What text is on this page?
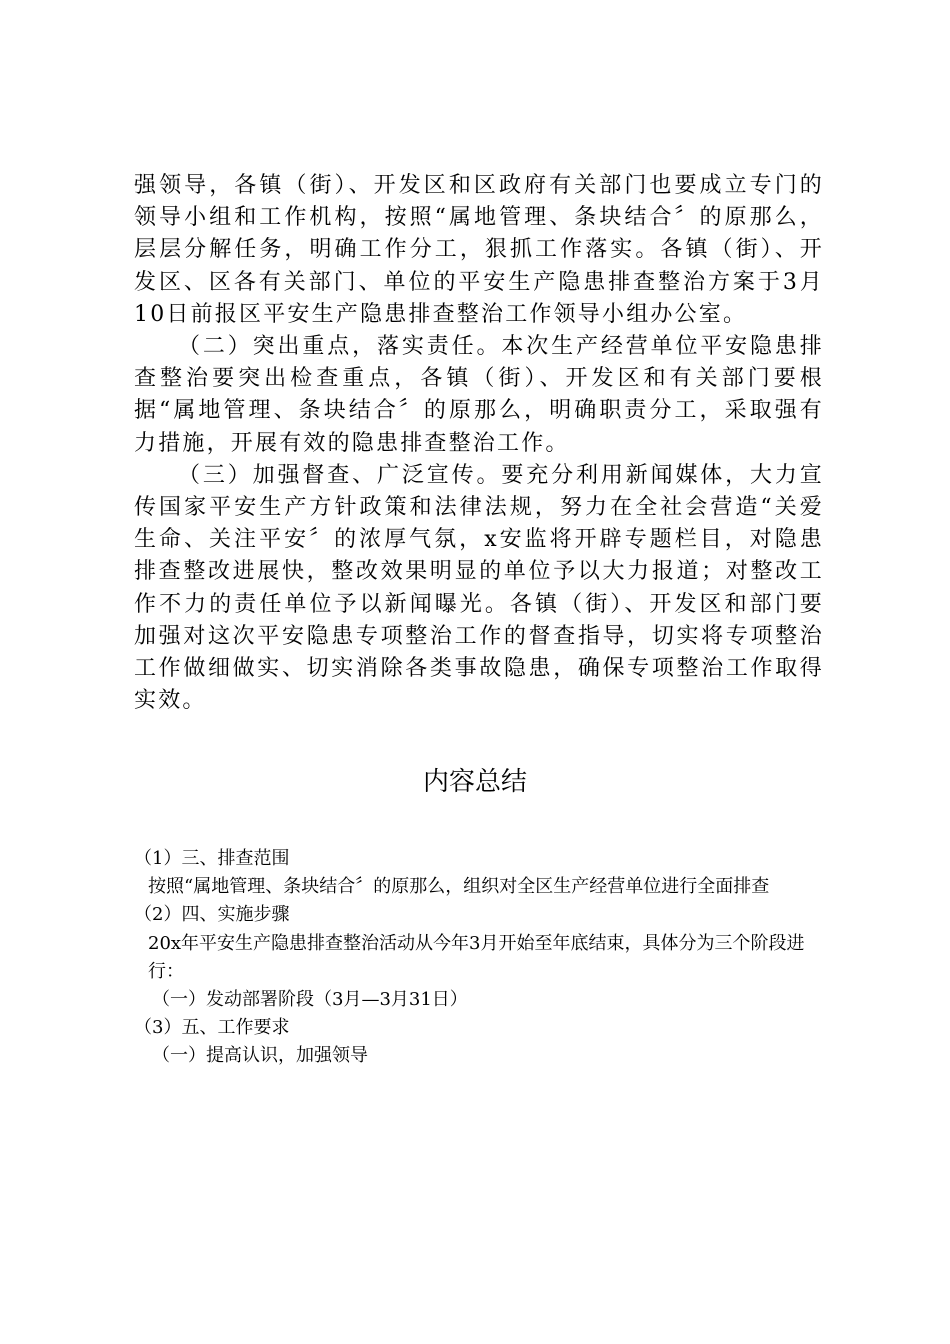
强领导，各镇（街）、开发区和区政府有关部门也要成立专门的领导小组和工作机构，按照“属地管理、条块结合〞的原那么，层层分解任务，明确工作分工，狠抓工作落实。各镇（街）、开发区、区各有关部门、单位的平安生产隐患排查整治方案于3月10日前报区平安生产隐患排查整治工作领导小组办公室。

（二）突出重点，落实责任。本次生产经营单位平安隐患排查整治要突出检查重点，各镇（街）、开发区和有关部门要根据“属地管理、条块结合〞的原那么，明确职责分工，采取强有力措施，开展有效的隐患排查整治工作。

（三）加强督查、广泛宣传。要充分利用新闻媒体，大力宣传国家平安生产方针政策和法律法规，努力在全社会营造“关爱生命、关注平安〞的浓厚气氛，x安监将开辟专题栏目，对隐患排查整改进展快，整改效果明显的单位予以大力报道；对整改工作不力的责任单位予以新闻曝光。各镇（街）、开发区和部门要加强对这次平安隐患专项整治工作的督查指导，切实将专项整治工作做细做实、切实消除各类事故隐患，确保专项整治工作取得实效。

内容总结

（1）三、排查范围

按照“属地管理、条块结合〞的原那么，组织对全区生产经营单位进行全面排查

（2）四、实施步骤

20x年平安生产隐患排查整治活动从今年3月开始至年底结束，具体分为三个阶段进行：

（一）发动部署阶段（3月—3月31日）

（3）五、工作要求

（一）提高认识，加强领导
